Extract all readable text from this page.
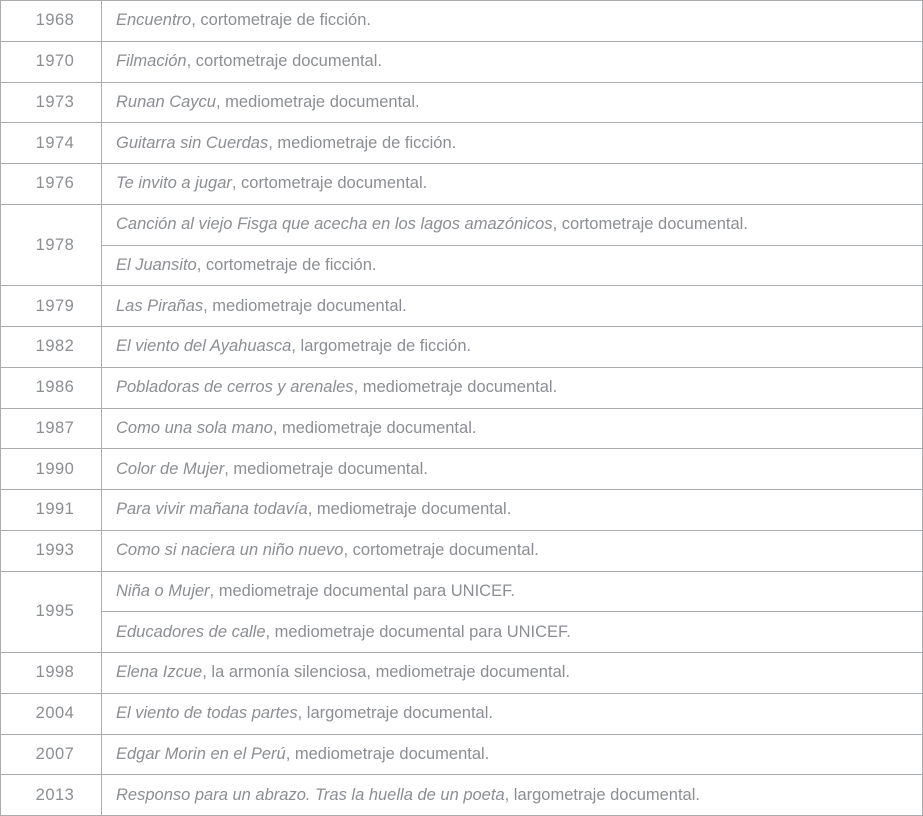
1968	Encuentro, cortometraje de ficción.
1970	Filmación, cortometraje documental.
1973	Runan Caycu, mediometraje documental.
1974	Guitarra sin Cuerdas, mediometraje de ficción.
1976	Te invito a jugar, cortometraje documental.
1978	Canción al viejo Fisga que acecha en los lagos amazónicos, cortometraje documental.
	El Juansito, cortometraje de ficción.
1979	Las Pirañas, mediometraje documental.
1982	El viento del Ayahuasca, largometraje de ficción.
1986	Pobladoras de cerros y arenales, mediometraje documental.
1987	Como una sola mano, mediometraje documental.
1990	Color de Mujer, mediometraje documental.
1991	Para vivir mañana todavía, mediometraje documental.
1993	Como si naciera un niño nuevo, cortometraje documental.
1995	Niña o Mujer, mediometraje documental para UNICEF.
	Educadores de calle, mediometraje documental para UNICEF.
1998	Elena Izcue, la armonía silenciosa, mediometraje documental.
2004	El viento de todas partes, largometraje documental.
2007	Edgar Morin en el Perú, mediometraje documental.
2013	Responso para un abrazo. Tras la huella de un poeta, largometraje documental.
